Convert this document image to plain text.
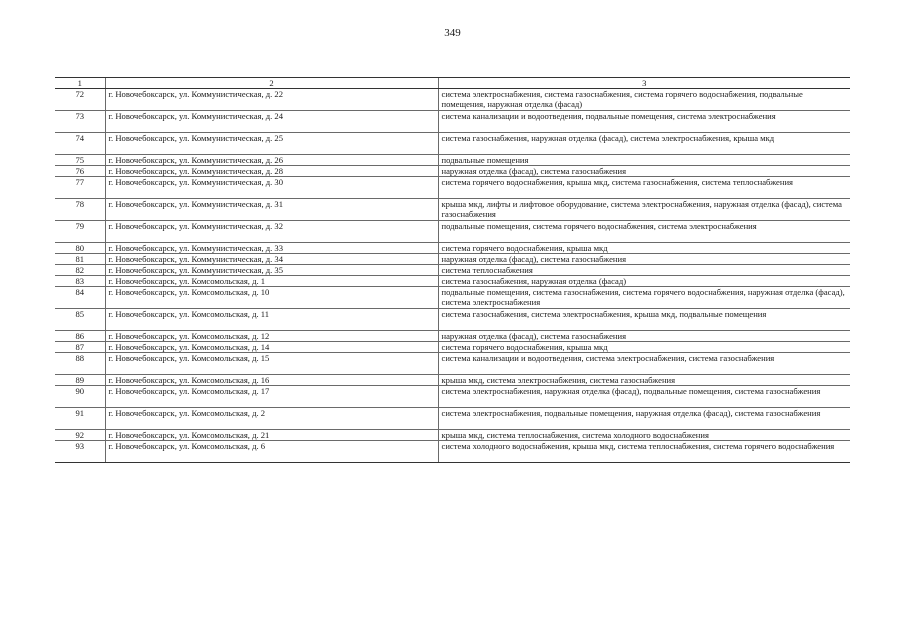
349
1	2	3
72	г. Новочебоксарск, ул. Коммунистическая, д. 22	система электроснабжения, система газоснабжения, система горячего водоснабжения, подвальные помещения, наружная отделка (фасад)
73	г. Новочебоксарск, ул. Коммунистическая, д. 24	система канализации и водоотведения, подвальные помещения, система электроснабжения
74	г. Новочебоксарск, ул. Коммунистическая, д. 25	система газоснабжения, наружная отделка (фасад), система электроснабжения, крыша мкд
75	г. Новочебоксарск, ул. Коммунистическая, д. 26	подвальные помещения
76	г. Новочебоксарск, ул. Коммунистическая, д. 28	наружная отделка (фасад), система газоснабжения
77	г. Новочебоксарск, ул. Коммунистическая, д. 30	система горячего водоснабжения, крыша мкд, система газоснабжения, система теплоснабжения
78	г. Новочебоксарск, ул. Коммунистическая, д. 31	крыша мкд, лифты и лифтовое оборудование, система электроснабжения, наружная отделка (фасад), система газоснабжения
79	г. Новочебоксарск, ул. Коммунистическая, д. 32	подвальные помещения, система горячего водоснабжения, система электроснабжения
80	г. Новочебоксарск, ул. Коммунистическая, д. 33	система горячего водоснабжения, крыша мкд
81	г. Новочебоксарск, ул. Коммунистическая, д. 34	наружная отделка (фасад), система газоснабжения
82	г. Новочебоксарск, ул. Коммунистическая, д. 35	система теплоснабжения
83	г. Новочебоксарск, ул. Комсомольская, д. 1	система газоснабжения, наружная отделка (фасад)
84	г. Новочебоксарск, ул. Комсомольская, д. 10	подвальные помещения, система газоснабжения, система горячего водоснабжения, наружная отделка (фасад), система электроснабжения
85	г. Новочебоксарск, ул. Комсомольская, д. 11	система газоснабжения, система электроснабжения, крыша мкд, подвальные помещения
86	г. Новочебоксарск, ул. Комсомольская, д. 12	наружная отделка (фасад), система газоснабжения
87	г. Новочебоксарск, ул. Комсомольская, д. 14	система горячего водоснабжения, крыша мкд
88	г. Новочебоксарск, ул. Комсомольская, д. 15	система канализации и водоотведения, система электроснабжения, система газоснабжения
89	г. Новочебоксарск, ул. Комсомольская, д. 16	крыша мкд, система электроснабжения, система газоснабжения
90	г. Новочебоксарск, ул. Комсомольская, д. 17	система электроснабжения, наружная отделка (фасад), подвальные помещения, система газоснабжения
91	г. Новочебоксарск, ул. Комсомольская, д. 2	система электроснабжения, подвальные помещения, наружная отделка (фасад), система газоснабжения
92	г. Новочебоксарск, ул. Комсомольская, д. 21	крыша мкд, система теплоснабжения, система холодного водоснабжения
93	г. Новочебоксарск, ул. Комсомольская, д. 6	система холодного водоснабжения, крыша мкд, система теплоснабжения, система горячего водоснабжения
